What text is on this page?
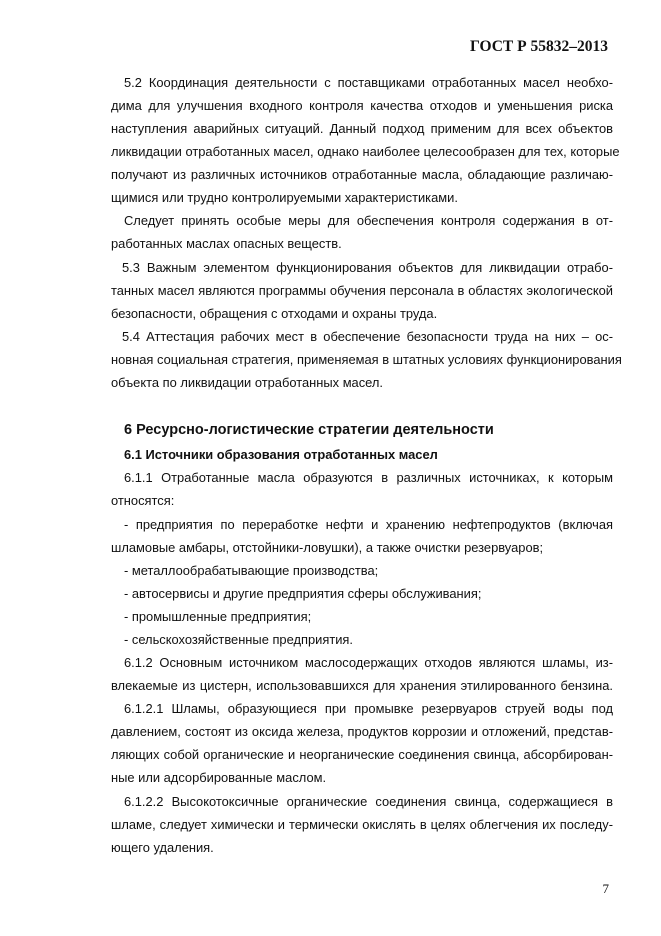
ГОСТ Р 55832–2013
5.2 Координация деятельности с поставщиками отработанных масел необхо-
дима для улучшения входного контроля качества отходов и уменьшения риска
наступления аварийных ситуаций. Данный подход применим для всех объектов
ликвидации отработанных масел, однако наиболее целесообразен для тех, которые
получают из различных источников отработанные масла, обладающие различаю-
щимися или трудно контролируемыми характеристиками.
Следует принять особые меры для обеспечения контроля содержания в от-
работанных маслах опасных веществ.
5.3 Важным элементом функционирования объектов для ликвидации отрабо-
танных масел являются программы обучения персонала в областях экологической
безопасности, обращения с отходами и охраны труда.
5.4 Аттестация рабочих мест в обеспечение безопасности труда на них – ос-
новная социальная стратегия, применяемая в штатных условиях функционирования
объекта по ликвидации отработанных масел.
6 Ресурсно-логистические стратегии деятельности
6.1 Источники образования отработанных масел
6.1.1 Отработанные масла образуются в различных источниках, к которым
относятся:
- предприятия по переработке нефти и хранению нефтепродуктов (включая
шламовые амбары, отстойники-ловушки), а также очистки резервуаров;
- металлообрабатывающие производства;
- автосервисы и другие предприятия сферы обслуживания;
- промышленные предприятия;
- сельскохозяйственные предприятия.
6.1.2 Основным источником маслосодержащих отходов являются шламы, из-
влекаемые из цистерн, использовавшихся для хранения этилированного бензина.
6.1.2.1 Шламы, образующиеся при промывке резервуаров струей воды под
давлением, состоят из оксида железа, продуктов коррозии и отложений, представ-
ляющих собой органические и неорганические соединения свинца, абсорбирован-
ные или адсорбированные маслом.
6.1.2.2 Высокотоксичные органические соединения свинца, содержащиеся в
шламе, следует химически и термически окислять в целях облегчения их последу-
ющего удаления.
7
